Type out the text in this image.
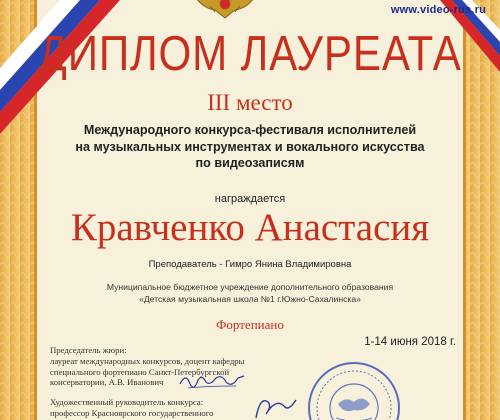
www.video-rus.ru
ДИПЛОМ ЛАУРЕАТА
III место
Международного конкурса-фестиваля исполнителей
на музыкальных инструментах и вокального искусства
по видеозаписям
награждается
Кравченко Анастасия
Преподаватель - Гимро Янина Владимировна
Муниципальное бюджетное учреждение дополнительного образования
«Детская музыкальная школа №1 г.Южно-Сахалинска»
Фортепиано
1-14 июня 2018 г.
Председатель жюри:
лауреат международных конкурсов, доцент кафедры
специального фортепиано Санкт-Петербургской
консерватории, А.В. Иванович
Художественный руководитель конкурса:
профессор Красноярского государственного
